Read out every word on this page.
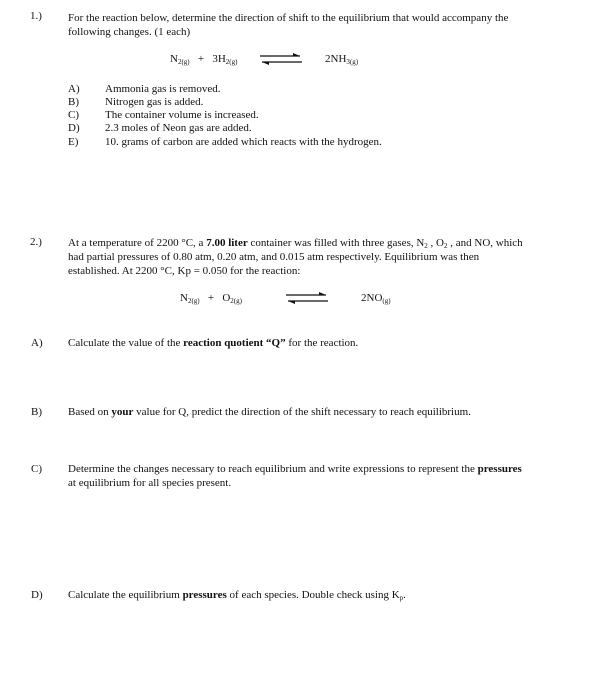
1.) For the reaction below, determine the direction of shift to the equilibrium that would accompany the
following changes. (1 each)
$N_{2(g)} + 3H_{2(g)}$	$2NH_{3(g)}$
A) Ammonia gas is removed.
B) Nitrogen gas is added.
C) The container volume is increased.
D) 2.3 moles of Neon gas are added.
E) 10. grams of carbon are added which reacts with the hydrogen.
2.) At a temperature of 2200 °C, a 7.00 liter container was filled with three gases, $N_2$ , $O_2$ , and NO, which
had partial pressures of 0.80 atm, 0.20 atm, and 0.015 atm respectively. Equilibrium was then
established. At 2200 °C, Kp = 0.050 for the reaction:
$N_{2(g)} + O_{2(g)}$	$2NO_{(g)}$
A) Calculate the value of the reaction quotient “Q” for the reaction.
B) Based on your value for Q, predict the direction of the shift necessary to reach equilibrium.
C) Determine the changes necessary to reach equilibrium and write expressions to represent the pressures
at equilibrium for all species present.
D) Calculate the equilibrium pressures of each species. Double check using $K_p$.
